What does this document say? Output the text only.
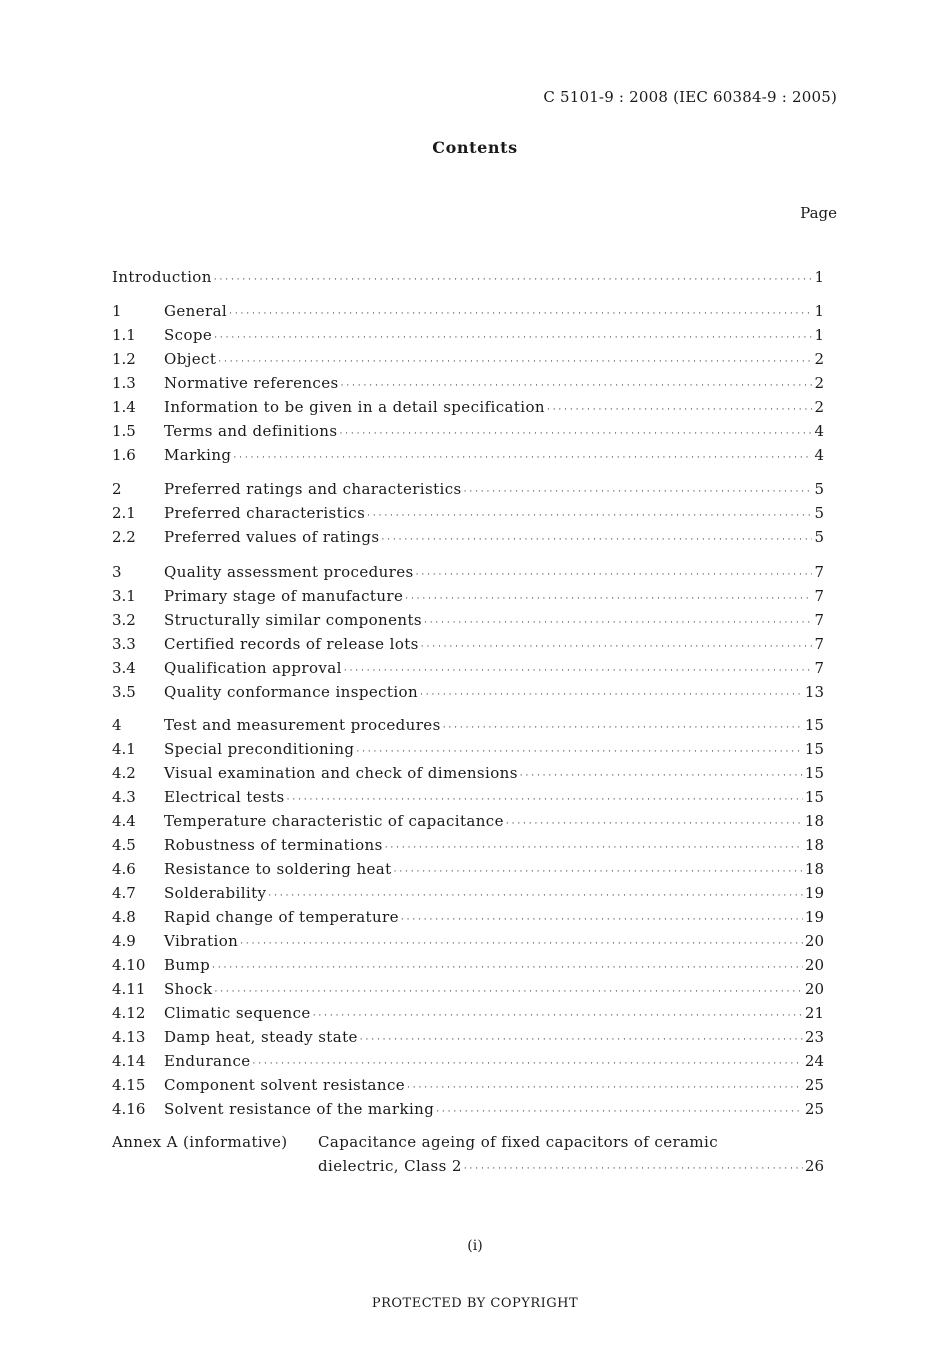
C 5101-9 : 2008 (IEC 60384-9 : 2005)
Contents
Page
Introduction · · ·	1
1	General · · ·	1
1.1	Scope · · ·	1
1.2	Object · · ·	2
1.3	Normative references · · ·	2
1.4	Information to be given in a detail specification · · ·	2
1.5	Terms and definitions · · ·	4
1.6	Marking · · ·	4
2	Preferred ratings and characteristics · · ·	5
2.1	Preferred characteristics · · ·	5
2.2	Preferred values of ratings · · ·	5
3	Quality assessment procedures · · ·	7
3.1	Primary stage of manufacture · · ·	7
3.2	Structurally similar components · · ·	7
3.3	Certified records of release lots · · ·	7
3.4	Qualification approval · · ·	7
3.5	Quality conformance inspection · · ·	13
4	Test and measurement procedures · · ·	15
4.1	Special preconditioning · · ·	15
4.2	Visual examination and check of dimensions · · ·	15
4.3	Electrical tests · · ·	15
4.4	Temperature characteristic of capacitance · · ·	18
4.5	Robustness of terminations · · ·	18
4.6	Resistance to soldering heat · · ·	18
4.7	Solderability · · ·	19
4.8	Rapid change of temperature · · ·	19
4.9	Vibration · · ·	20
4.10	Bump · · ·	20
4.11	Shock · · ·	20
4.12	Climatic sequence · · ·	21
4.13	Damp heat, steady state · · ·	23
4.14	Endurance · · ·	24
4.15	Component solvent resistance · · ·	25
4.16	Solvent resistance of the marking · · ·	25
Annex A (informative)	Capacitance ageing of fixed capacitors of ceramic
dielectric, Class 2 · · ·	26
(i)
PROTECTED BY COPYRIGHT
